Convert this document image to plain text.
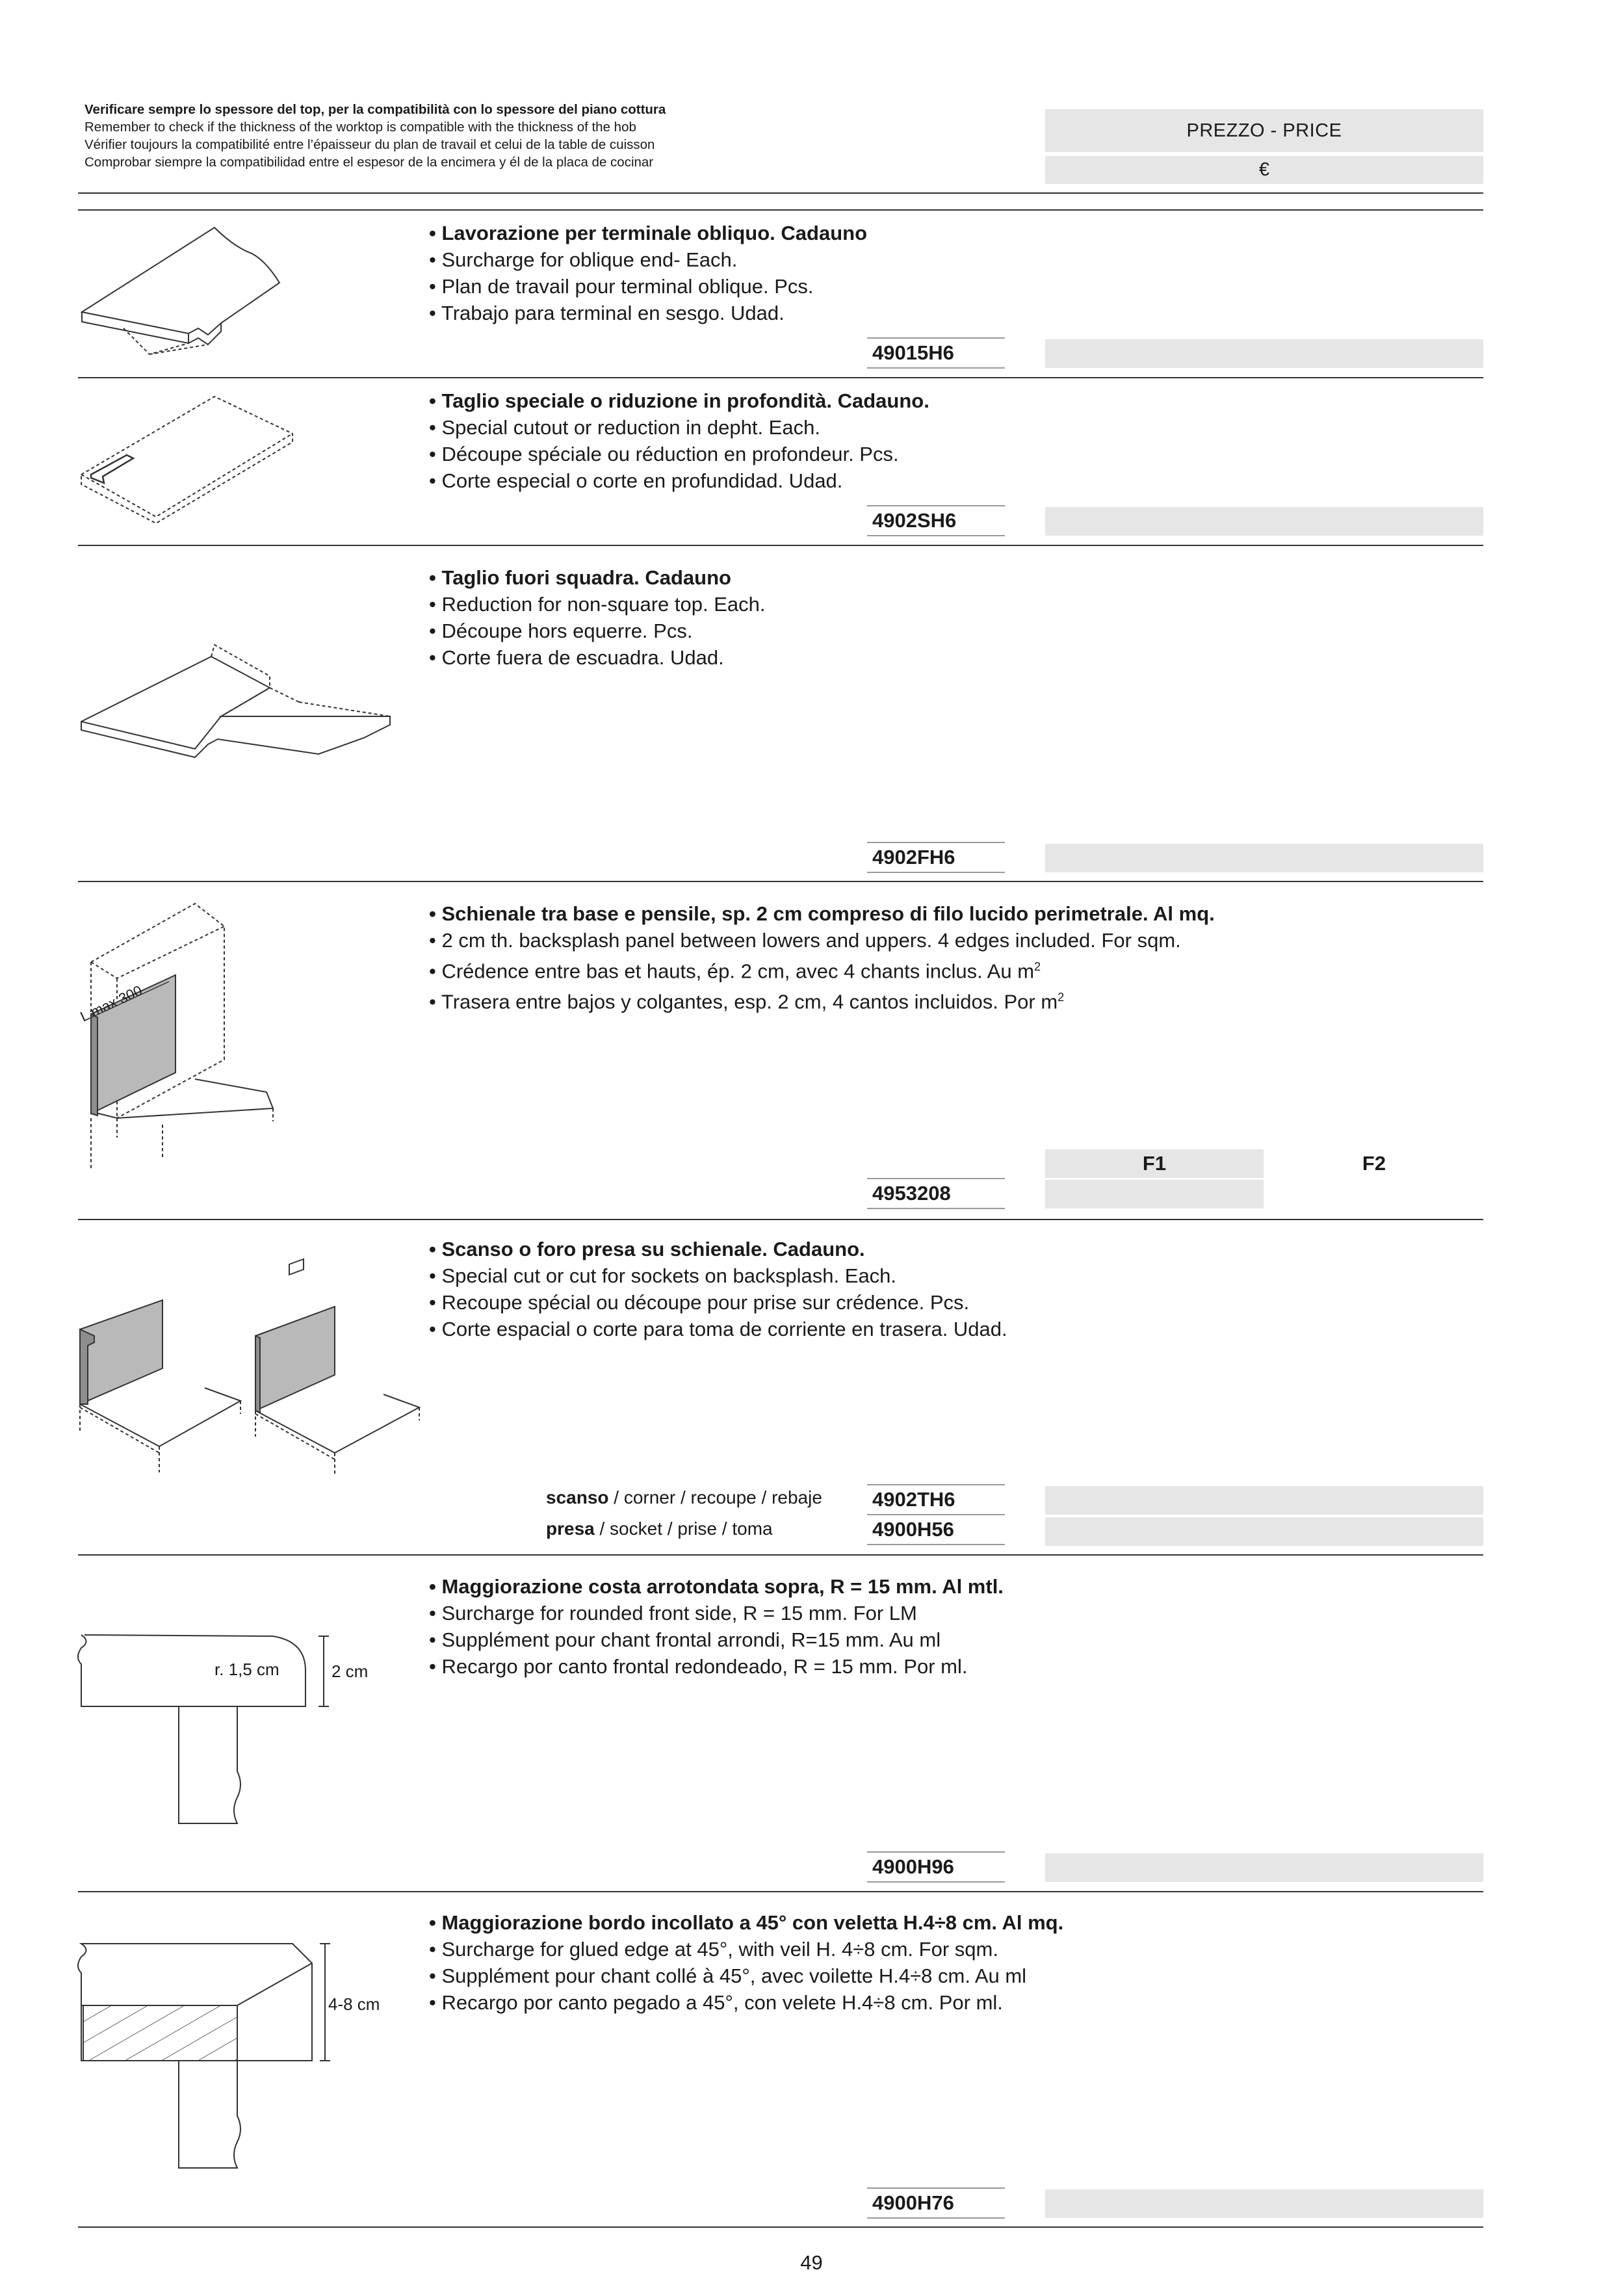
Verificare sempre lo spessore del top, per la compatibilità con lo spessore del piano cottura
Remember to check if the thickness of the worktop is compatible with the thickness of the hob
Vérifier toujours la compatibilité entre l’épaisseur du plan de travail et celui de la table de cuisson
Comprobar siempre la compatibilidad entre el espesor de la encimera y él de la placa de cocinar
PREZZO - PRICE
€
• Lavorazione per terminale obliquo. Cadauno
• Surcharge for oblique end- Each.
• Plan de travail pour terminal oblique. Pcs.
• Trabajo para terminal en sesgo. Udad.
49015H6
• Taglio speciale o riduzione in profondità. Cadauno.
• Special cutout or reduction in depht. Each.
• Découpe spéciale ou réduction en profondeur. Pcs.
• Corte especial o corte en profundidad. Udad.
4902SH6
• Taglio fuori squadra. Cadauno
• Reduction for non-square top. Each.
• Découpe hors equerre. Pcs.
• Corte fuera de escuadra. Udad.
4902FH6
L max 300
• Schienale tra base e pensile, sp. 2 cm compreso di filo lucido perimetrale. Al mq.
• 2 cm th. backsplash panel between lowers and uppers. 4 edges included. For sqm.
• Crédence entre bas et hauts, ép. 2 cm, avec 4 chants inclus. Au $m^2$
• Trasera entre bajos y colgantes, esp. 2 cm, 4 cantos incluidos. Por $m^2$
F1	F2
4953208
• Scanso o foro presa su schienale. Cadauno.
• Special cut or cut for sockets on backsplash. Each.
• Recoupe spécial ou découpe pour prise sur crédence. Pcs.
• Corte espacial o corte para toma de corriente en trasera. Udad.
scanso / corner / recoupe / rebaje 4902TH6
presa / socket / prise / toma	4900H56
r. 1,5 cm	2 cm
• Maggiorazione costa arrotondata sopra, R = 15 mm. Al mtl.
• Surcharge for rounded front side, R = 15 mm. For LM
• Supplément pour chant frontal arrondi, R=15 mm. Au ml
• Recargo por canto frontal redondeado, R = 15 mm. Por ml.
4900H96
4-8 cm
• Maggiorazione bordo incollato a 45° con veletta H.4÷8 cm. Al mq.
• Surcharge for glued edge at 45°, with veil H. 4÷8 cm. For sqm.
• Supplément pour chant collé à 45°, avec voilette H.4÷8 cm. Au ml
• Recargo por canto pegado a 45°, con velete H.4÷8 cm. Por ml.
4900H76
49
